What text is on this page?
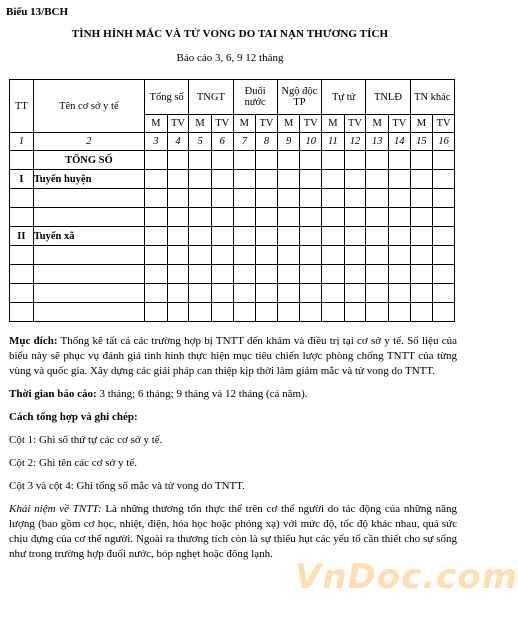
Biểu 13/BCH
TÌNH HÌNH MẮC VÀ TỬ VONG DO TAI NẠN THƯƠNG TÍCH
Báo cáo 3, 6, 9 12 tháng
TT	Tên cơ sở y tế	Tổng số		TNGT		Đuối nước		Ngộ độc TP		Tự tử		TNLĐ		TN khác	
		M	TV	M	TV	M	TV	M	TV	M	TV	M	TV	M	TV
1	2	3	4	5	6	7	8	9	10	11	12	13	14	15	16
	TỔNG SỐ														
I	Tuyến huyện														

II	Tuyến xã														

Mục đích: Thống kê tất cả các trường hợp bị TNTT đến khám và điều trị tại cơ sở y tế. Số liệu của biểu này sẽ phục vụ đánh giá tình hình thực hiện mục tiêu chiến lược phòng chống TNTT của từng vùng và quốc gia. Xây dựng các giải pháp can thiệp kịp thời làm giảm mắc và tử vong do TNTT.

Thời gian báo cáo: 3 tháng; 6 tháng; 9 tháng và 12 tháng (cả năm).

Cách tổng hợp và ghi chép:

Cột 1: Ghi số thứ tự các cơ sở y tế.

Cột 2: Ghi tên các cơ sở y tế.

Cột 3 và cột 4: Ghi tổng số mắc và tử vong do TNTT.

Khái niệm về TNTT: Là những thương tổn thực thể trên cơ thể người do tác động của những năng lượng (bao gồm cơ học, nhiệt, điện, hóa học hoặc phóng xạ) với mức độ, tốc độ khác nhau, quá sức chịu đựng của cơ thể người. Ngoài ra thương tích còn là sự thiếu hụt các yếu tố cần thiết cho sự sống như trong trường hợp đuối nước, bóp nghẹt hoặc đông lạnh.

VnDoc.com
